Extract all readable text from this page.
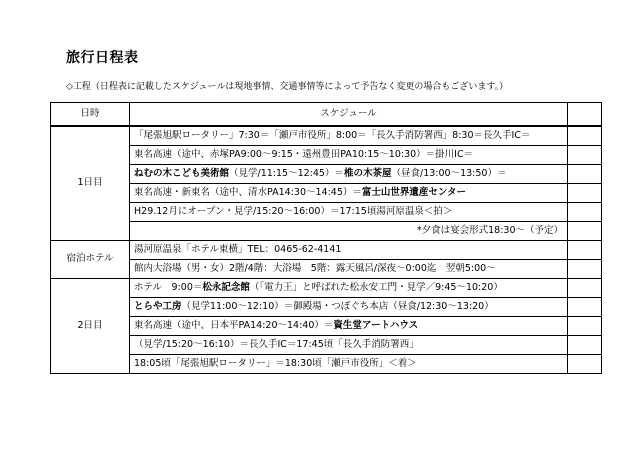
旅行日程表
◇工程（日程表に記載したスケジュールは現地事情、交通事情等によって予告なく変更の場合もございます。）
日時	スケジュール	
1日目	「尾張旭駅ロータリー」7:30＝「瀬戸市役所」8:00＝「長久手消防署西」8:30＝長久手IC＝	
	東名高速（途中、赤塚PA9:00～9:15・遠州豊田PA10:15～10:30）＝掛川IC＝	
	ねむの木こども美術館（見学/11:15～12:45）＝椎の木茶屋（昼食/13:00～13:50）＝	
	東名高速・新東名（途中、清水PA14:30～14:45）＝富士山世界遺産センター	
	H29.12月にオープン・見学/15:20～16:00）＝17:15頃湯河原温泉＜拍＞	
	*夕食は宴会形式18:30～（予定）	
宿泊ホテル	湯河原温泉「ホテル東横」TEL：0465-62-4141	
	館内大浴場（男・女）2階/4階：大浴場　5階：露天風呂/深夜～0:00迄　翌朝5:00～	
2日目	ホテル　9:00＝松永記念館（「電力王」と呼ばれた松永安工門・見学／9:45～10:20）	
	とらや工房（見学11:00～12:10）＝御殿場・つぼぐち本店（昼食/12:30～13:20）	
	東名高速（途中、日本平PA14:20～14:40）＝資生堂アートハウス	
	（見学/15:20～16:10）＝長久手IC＝17:45頃「長久手消防署西」	
	18:05頃「尾張旭駅ロータリー」＝18:30頃「瀬戸市役所」＜着＞	
